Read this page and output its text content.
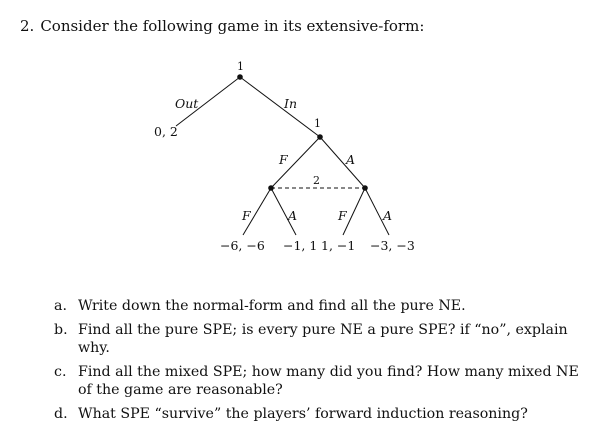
2. Consider the following game in its extensive-form:
1
1
2
Out	In
0, 2
F	A
F	A	F	A
−6, −6 −1, 1 1, −1 −3, −3
a. Write down the normal-form and find all the pure NE.
b. Find all the pure SPE; is every pure NE a pure SPE? if “no”, explain why.
c. Find all the mixed SPE; how many did you find? How many mixed NE of the game are reasonable?
d. What SPE “survive” the players’ forward induction reasoning?
